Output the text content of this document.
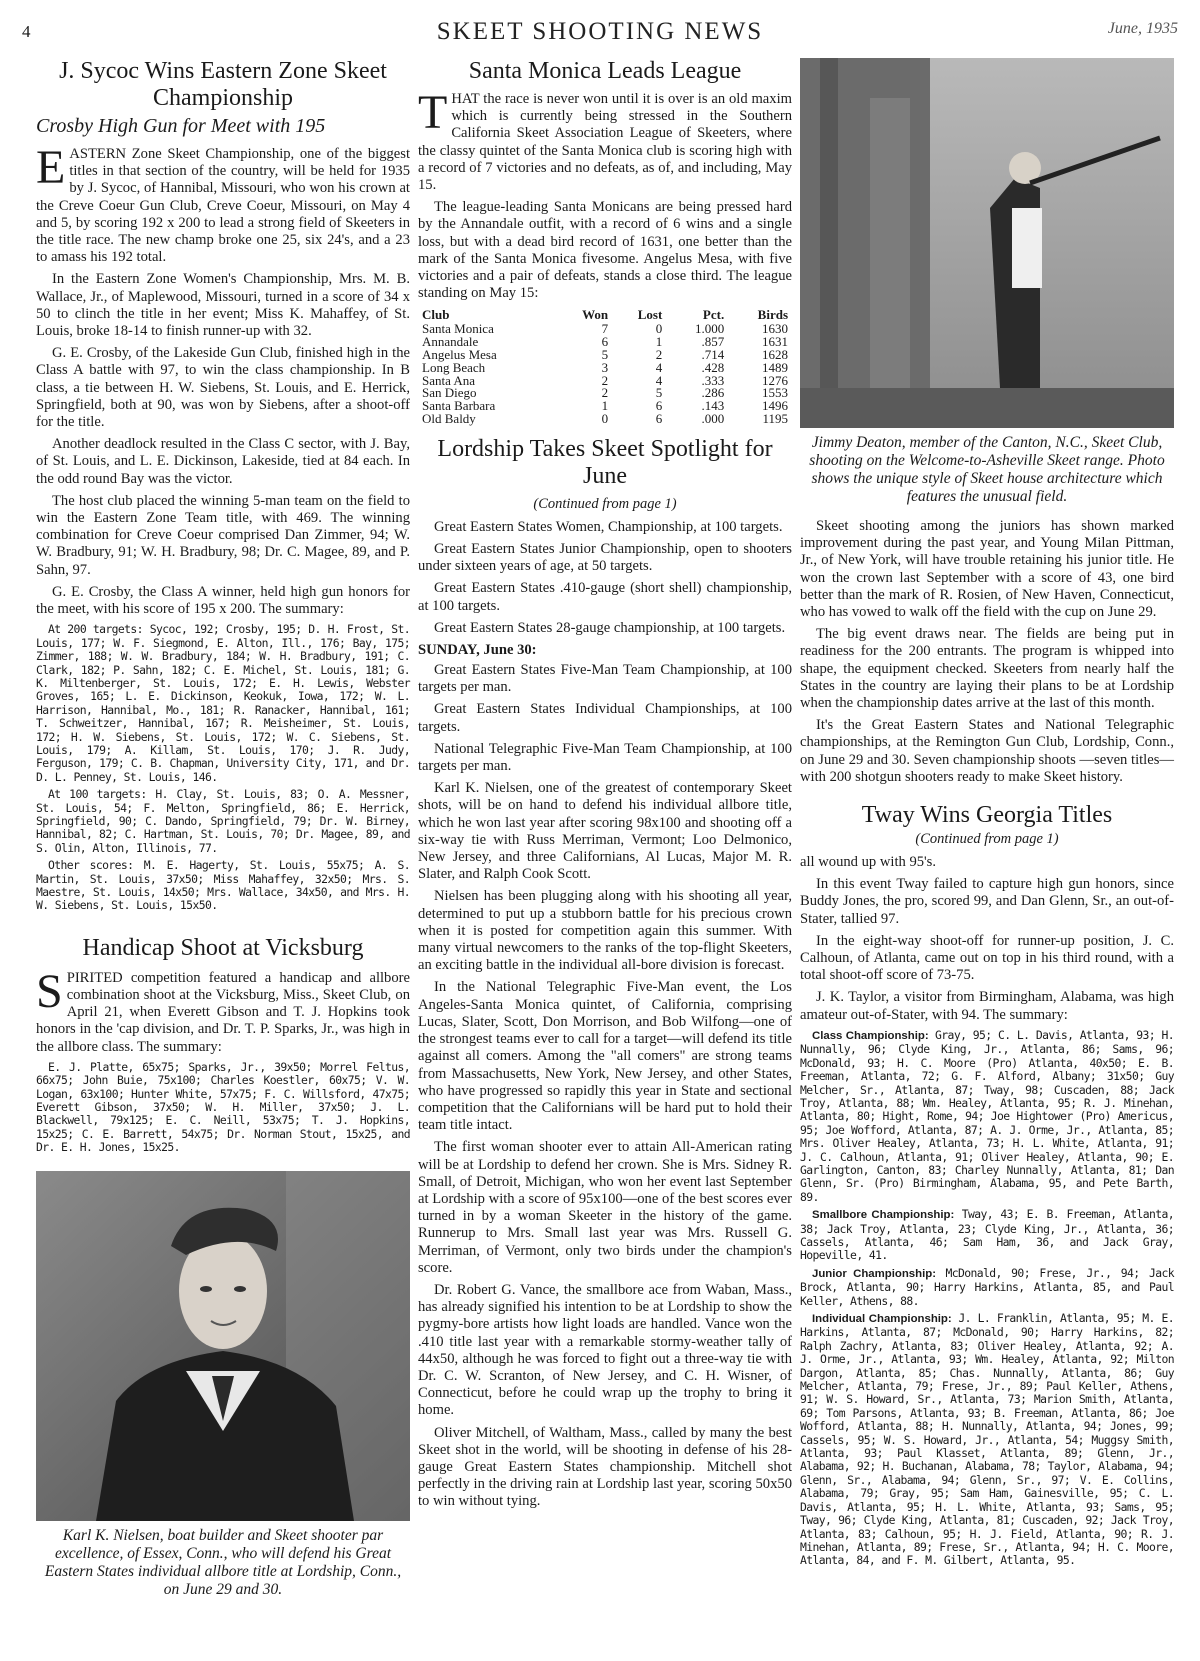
4	SKEET SHOOTING NEWS	June, 1935
J. Sycoc Wins Eastern Zone Skeet Championship
Crosby High Gun for Meet with 195

EASTERN Zone Skeet Championship, one of the biggest titles in that section of the country, will be held for 1935 by J. Sycoc, of Hannibal, Missouri, who won his crown at the Creve Coeur Gun Club, Creve Coeur, Missouri, on May 4 and 5, by scoring 192 x 200 to lead a strong field of Skeeters in the title race. The new champ broke one 25, six 24's, and a 23 to amass his 192 total.

In the Eastern Zone Women's Championship, Mrs. M. B. Wallace, Jr., of Maplewood, Missouri, turned in a score of 34 x 50 to clinch the title in her event; Miss K. Mahaffey, of St. Louis, broke 18-14 to finish runner-up with 32.

G. E. Crosby, of the Lakeside Gun Club, finished high in the Class A battle with 97, to win the class championship. In B class, a tie between H. W. Siebens, St. Louis, and E. Herrick, Springfield, both at 90, was won by Siebens, after a shoot-off for the title.

Another deadlock resulted in the Class C sector, with J. Bay, of St. Louis, and L. E. Dickinson, Lakeside, tied at 84 each. In the odd round Bay was the victor.

The host club placed the winning 5-man team on the field to win the Eastern Zone Team title, with 469. The winning combination for Creve Coeur comprised Dan Zimmer, 94; W. W. Bradbury, 91; W. H. Bradbury, 98; Dr. C. Magee, 89, and P. Sahn, 97.

G. E. Crosby, the Class A winner, held high gun honors for the meet, with his score of 195 x 200. The summary:

At 200 targets: Sycoc, 192; Crosby, 195; D. H. Frost, St. Louis, 177; W. F. Siegmond, E. Alton, Ill., 176; Bay, 175; Zimmer, 188; W. W. Bradbury, 184; W. H. Bradbury, 191; C. Clark, 182; P. Sahn, 182; C. E. Michel, St. Louis, 181; G. K. Miltenberger, St. Louis, 172; E. H. Lewis, Webster Groves, 165; L. E. Dickinson, Keokuk, Iowa, 172; W. L. Harrison, Hannibal, Mo., 181; R. Ranacker, Hannibal, 161; T. Schweitzer, Hannibal, 167; R. Meisheimer, St. Louis, 172; H. W. Siebens, St. Louis, 172; W. C. Siebens, St. Louis, 179; A. Killam, St. Louis, 170; J. R. Judy, Ferguson, 179; C. B. Chapman, University City, 171, and Dr. D. L. Penney, St. Louis, 146.

At 100 targets: H. Clay, St. Louis, 83; O. A. Messner, St. Louis, 54; F. Melton, Springfield, 86; E. Herrick, Springfield, 90; C. Dando, Springfield, 79; Dr. W. Birney, Hannibal, 82; C. Hartman, St. Louis, 70; Dr. Magee, 89, and S. Olin, Alton, Illinois, 77.

Other scores: M. E. Hagerty, St. Louis, 55x75; A. S. Martin, St. Louis, 37x50; Miss Mahaffey, 32x50; Mrs. S. Maestre, St. Louis, 14x50; Mrs. Wallace, 34x50, and Mrs. H. W. Siebens, St. Louis, 15x50.

Handicap Shoot at Vicksburg

SPIRITED competition featured a handicap and allbore combination shoot at the Vicksburg, Miss., Skeet Club, on April 21, when Everett Gibson and T. J. Hopkins took honors in the 'cap division, and Dr. T. P. Sparks, Jr., was high in the allbore class. The summary:

E. J. Platte, 65x75; Sparks, Jr., 39x50; Morrel Feltus, 66x75; John Buie, 75x100; Charles Koestler, 60x75; V. W. Logan, 63x100; Hunter White, 57x75; F. C. Willsford, 47x75; Everett Gibson, 37x50; W. H. Miller, 37x50; J. L. Blackwell, 79x125; E. C. Neill, 53x75; T. J. Hopkins, 15x25; C. E. Barrett, 54x75; Dr. Norman Stout, 15x25, and Dr. E. H. Jones, 15x25.

Karl K. Nielsen, boat builder and Skeet shooter par excellence, of Essex, Conn., who will defend his Great Eastern States individual allbore title at Lordship, Conn., on June 29 and 30.
Santa Monica Leads League

THAT the race is never won until it is over is an old maxim which is currently being stressed in the Southern California Skeet Association League of Skeeters, where the classy quintet of the Santa Monica club is scoring high with a record of 7 victories and no defeats, as of, and including, May 15.

The league-leading Santa Monicans are being pressed hard by the Annandale outfit, with a record of 6 wins and a single loss, but with a dead bird record of 1631, one better than the mark of the Santa Monica fivesome. Angelus Mesa, with five victories and a pair of defeats, stands a close third. The league standing on May 15:

Club	Won	Lost	Pct.	Birds
Santa Monica	7	0	1.000	1630
Annandale	6	1	.857	1631
Angelus Mesa	5	2	.714	1628
Long Beach	3	4	.428	1489
Santa Ana	2	4	.333	1276
San Diego	2	5	.286	1553
Santa Barbara	1	6	.143	1496
Old Baldy	0	6	.000	1195
Lordship Takes Skeet Spotlight for June
(Continued from page 1)

Great Eastern States Women, Championship, at 100 targets.

Great Eastern States Junior Championship, open to shooters under sixteen years of age, at 50 targets.

Great Eastern States .410-gauge (short shell) championship, at 100 targets.

Great Eastern States 28-gauge championship, at 100 targets.

SUNDAY, June 30:

Great Eastern States Five-Man Team Championship, at 100 targets per man.

Great Eastern States Individual Championships, at 100 targets.

National Telegraphic Five-Man Team Championship, at 100 targets per man.

Karl K. Nielsen, one of the greatest of contemporary Skeet shots, will be on hand to defend his individual allbore title, which he won last year after scoring 98x100 and shooting off a six-way tie with Russ Merriman, Vermont; Loo Delmonico, New Jersey, and three Californians, Al Lucas, Major M. R. Slater, and Ralph Cook Scott.

Nielsen has been plugging along with his shooting all year, determined to put up a stubborn battle for his precious crown when it is posted for competition again this summer. With many virtual newcomers to the ranks of the top-flight Skeeters, an exciting battle in the individual all-bore division is forecast.

In the National Telegraphic Five-Man event, the Los Angeles-Santa Monica quintet, of California, comprising Lucas, Slater, Scott, Don Morrison, and Bob Wilfong—one of the strongest teams ever to call for a target—will defend its title against all comers. Among the "all comers" are strong teams from Massachusetts, New York, New Jersey, and other States, who have progressed so rapidly this year in State and sectional competition that the Californians will be hard put to hold their team title intact.

The first woman shooter ever to attain All-American rating will be at Lordship to defend her crown. She is Mrs. Sidney R. Small, of Detroit, Michigan, who won her event last September at Lordship with a score of 95x100—one of the best scores ever turned in by a woman Skeeter in the history of the game. Runnerup to Mrs. Small last year was Mrs. Russell G. Merriman, of Vermont, only two birds under the champion's score.

Dr. Robert G. Vance, the smallbore ace from Waban, Mass., has already signified his intention to be at Lordship to show the pygmy-bore artists how light loads are handled. Vance won the .410 title last year with a remarkable stormy-weather tally of 44x50, although he was forced to fight out a three-way tie with Dr. C. W. Scranton, of New Jersey, and C. H. Wisner, of Connecticut, before he could wrap up the trophy to bring it home.

Oliver Mitchell, of Waltham, Mass., called by many the best Skeet shot in the world, will be shooting in defense of his 28-gauge Great Eastern States championship. Mitchell shot perfectly in the driving rain at Lordship last year, scoring 50x50 to win without tying.

Jimmy Deaton, member of the Canton, N.C., Skeet Club, shooting on the Welcome-to-Asheville Skeet range. Photo shows the unique style of Skeet house architecture which features the unusual field.

Skeet shooting among the juniors has shown marked improvement during the past year, and Young Milan Pittman, Jr., of New York, will have trouble retaining his junior title. He won the crown last September with a score of 43, one bird better than the mark of R. Rosien, of New Haven, Connecticut, who has vowed to walk off the field with the cup on June 29.

The big event draws near. The fields are being put in readiness for the 200 entrants. The program is whipped into shape, the equipment checked. Skeeters from nearly half the States in the country are laying their plans to be at Lordship when the championship dates arrive at the last of this month.

It's the Great Eastern States and National Telegraphic championships, at the Remington Gun Club, Lordship, Conn., on June 29 and 30. Seven championship shoots —seven titles—with 200 shotgun shooters ready to make Skeet history.

Tway Wins Georgia Titles
(Continued from page 1)

all wound up with 95's.

In this event Tway failed to capture high gun honors, since Buddy Jones, the pro, scored 99, and Dan Glenn, Sr., an out-of-Stater, tallied 97.

In the eight-way shoot-off for runner-up position, J. C. Calhoun, of Atlanta, came out on top in his third round, with a total shoot-off score of 73-75.

J. K. Taylor, a visitor from Birmingham, Alabama, was high amateur out-of-Stater, with 94. The summary:

Class Championship: Gray, 95; C. L. Davis, Atlanta, 93; H. Nunnally, 96; Clyde King, Jr., Atlanta, 86; Sams, 96; McDonald, 93; H. C. Moore (Pro) Atlanta, 40x50; E. B. Freeman, Atlanta, 72; G. F. Alford, Albany; 31x50; Guy Melcher, Sr., Atlanta, 87; Tway, 98; Cuscaden, 88; Jack Troy, Atlanta, 88; Wm. Healey, Atlanta, 95; R. J. Minehan, Atlanta, 80; Hight, Rome, 94; Joe Hightower (Pro) Americus, 95; Joe Wofford, Atlanta, 87; A. J. Orme, Jr., Atlanta, 85; Mrs. Oliver Healey, Atlanta, 73; H. L. White, Atlanta, 91; J. C. Calhoun, Atlanta, 91; Oliver Healey, Atlanta, 90; E. Garlington, Canton, 83; Charley Nunnally, Atlanta, 81; Dan Glenn, Sr. (Pro) Birmingham, Alabama, 95, and Pete Barth, 89.

Smallbore Championship: Tway, 43; E. B. Freeman, Atlanta, 38; Jack Troy, Atlanta, 23; Clyde King, Jr., Atlanta, 36; Cassels, Atlanta, 46; Sam Ham, 36, and Jack Gray, Hopeville, 41.

Junior Championship: McDonald, 90; Frese, Jr., 94; Jack Brock, Atlanta, 90; Harry Harkins, Atlanta, 85, and Paul Keller, Athens, 88.

Individual Championship: J. L. Franklin, Atlanta, 95; M. E. Harkins, Atlanta, 87; McDonald, 90; Harry Harkins, 82; Ralph Zachry, Atlanta, 83; Oliver Healey, Atlanta, 92; A. J. Orme, Jr., Atlanta, 93; Wm. Healey, Atlanta, 92; Milton Dargon, Atlanta, 85; Chas. Nunnally, Atlanta, 86; Guy Melcher, Atlanta, 79; Frese, Jr., 89; Paul Keller, Athens, 91; W. S. Howard, Sr., Atlanta, 73; Marion Smith, Atlanta, 69; Tom Parsons, Atlanta, 93; B. Freeman, Atlanta, 86; Joe Wofford, Atlanta, 88; H. Nunnally, Atlanta, 94; Jones, 99; Cassels, 95; W. S. Howard, Jr., Atlanta, 54; Muggsy Smith, Atlanta, 93; Paul Klasset, Atlanta, 89; Glenn, Jr., Alabama, 92; H. Buchanan, Alabama, 78; Taylor, Alabama, 94; Glenn, Sr., Alabama, 94; Glenn, Sr., 97; V. E. Collins, Alabama, 79; Gray, 95; Sam Ham, Gainesville, 95; C. L. Davis, Atlanta, 95; H. L. White, Atlanta, 93; Sams, 95; Tway, 96; Clyde King, Atlanta, 81; Cuscaden, 92; Jack Troy, Atlanta, 83; Calhoun, 95; H. J. Field, Atlanta, 90; R. J. Minehan, Atlanta, 89; Frese, Sr., Atlanta, 94; H. C. Moore, Atlanta, 84, and F. M. Gilbert, Atlanta, 95.
